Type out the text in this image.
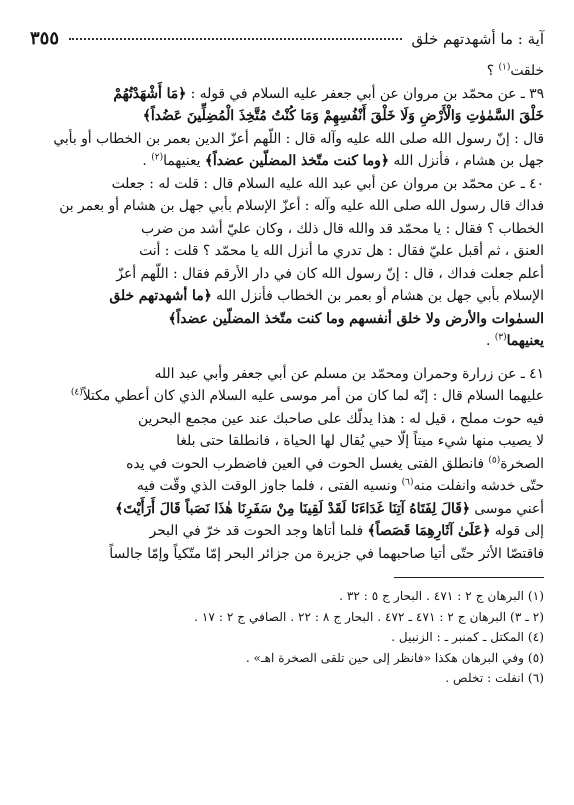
آية : ما أشهدتهم خلق
٣٥٥

خلقت$^{(١)}$ ؟

٣٩ ـ عن محمّد بن مروان عن أبي جعفر عليه السلام في قوله : ﴿مَا أَشْهَدْتُهُمْ

خَلْقَ السَّمٰوٰتِ وَالْأَرْضِ وَلَا خَلْقَ أَنْفُسِهِمْ وَمَا كُنْتُ مُتَّخِذَ الْمُضِلِّينَ عَضُداً﴾

قال : إنّ رسول الله صلى الله عليه وآله قال : اللّهم أعزّ الدين بعمر بن الخطاب أو بأبي

جهل بن هشام ، فأنزل الله ﴿وما كنت متّخذ المضلّين عضداً﴾ يعنيهما$^{(٢)}$ .

٤٠ ـ عن محمّد بن مروان عن أبي عبد الله عليه السلام قال : قلت له : جعلت

فداك قال رسول الله صلى الله عليه وآله : أعزّ الإسلام بأبي جهل بن هشام أو بعمر بن

الخطاب ؟ فقال : يا محمّد قد والله قال ذلك ، وكان عليّ أشد من ضرب

العنق ، ثم أقبل عليّ فقال : هل تدري ما أنزل الله يا محمّد ؟ قلت : أنت

أعلم جعلت فداك ، قال : إنّ رسول الله كان في دار الأرقم فقال : اللّهم أعزّ

الإسلام بأبي جهل بن هشام أو بعمر بن الخطاب فأنزل الله ﴿ما أشهدتهم خلق

السمٰوات والأرض ولا خلق أنفسهم وما كنت متّخذ المضلّين عضداً﴾

يعنيهما$^{(٣)}$ .

٤١ ـ عن زرارة وحمران ومحمّد بن مسلم عن أبي جعفر وأبي عبد الله

عليهما السلام قال : إنّه لما كان من أمر موسى عليه السلام الذي كان أعطي مكتلاً$^{(٤)}$

فيه حوت مملح ، قيل له : هذا يدلّك على صاحبك عند عين مجمع البحرين

لا يصيب منها شيء ميتاً إلّا حيي يُقال لها الحياة ، فانطلقا حتى بلغا

الصخرة$^{(٥)}$ فانطلق الفتى يغسل الحوت في العين فاضطرب الحوت في يده

حتّى خدشه وانفلت منه$^{(٦)}$ ونسيه الفتى ، فلما جاوز الوقت الذي وقّت فيه

أعني موسى ﴿قَالَ لِفَتَاهُ آتِنَا غَدَاءَنَا لَقَدْ لَقِينَا مِنْ سَفَرِنَا هٰذَا نَصَباً قَالَ أَرَأَيْتَ﴾

إلى قوله ﴿عَلَىٰ آثَارِهِمَا قَصَصاً﴾ فلما أتاها وجد الحوت قد خرّ في البحر

فاقتصّا الأثر حتّى أتيا صاحبهما في جزيرة من جزائر البحر إمّا متّكياً وإمّا جالساً

(١) البرهان ج ٢ : ٤٧١ . البحار ج ٥ : ٣٢ .
(٢ ـ ٣) البرهان ج ٢ : ٤٧١ ـ ٤٧٢ . البحار ج ٨ : ٢٢ . الصافي ج ٢ : ١٧ .
(٤) المكتل ـ كمنبر ـ : الزنبيل .
(٥) وفي البرهان هكذا «فانظر إلى حين تلقى الصخرة اهـ» .
(٦) انفلت : تخلص .
